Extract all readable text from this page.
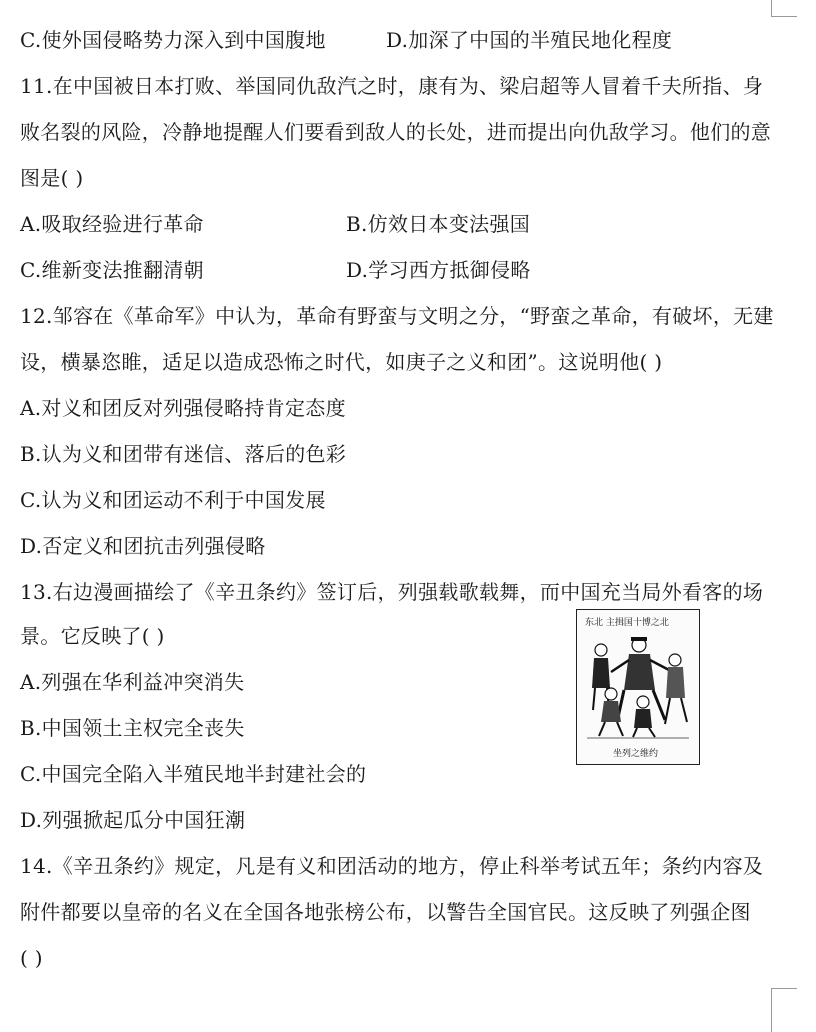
C.使外国侵略势力深入到中国腹地	D.加深了中国的半殖民地化程度
11.在中国被日本打败、举国同仇敌汽之时，康有为、梁启超等人冒着千夫所指、身
败名裂的风险，冷静地提醒人们要看到敌人的长处，进而提出向仇敌学习。他们的意
图是( )
A.吸取经验进行革命	B.仿效日本变法强国
C.维新变法推翻清朝	D.学习西方抵御侵略
12.邹容在《革命军》中认为，革命有野蛮与文明之分，“野蛮之革命，有破坏，无建
设，横暴恣睢，适足以造成恐怖之时代，如庚子之义和团”。这说明他( )
A.对义和团反对列强侵略持肯定态度
B.认为义和团带有迷信、落后的色彩
C.认为义和团运动不利于中国发展
D.否定义和团抗击列强侵略
13.右边漫画描绘了《辛丑条约》签订后，列强载歌载舞，而中国充当局外看客的场
景。它反映了( )
A.列强在华利益冲突消失
B.中国领土主权完全丧失
C.中国完全陷入半殖民地半封建社会的
D.列强掀起瓜分中国狂潮
14.《辛丑条约》规定，凡是有义和团活动的地方，停止科举考试五年；条约内容及
附件都要以皇帝的名义在全国各地张榜公布，以警告全国官民。这反映了列强企图
( )
东北 主揖国十博之北
坐列之维约
